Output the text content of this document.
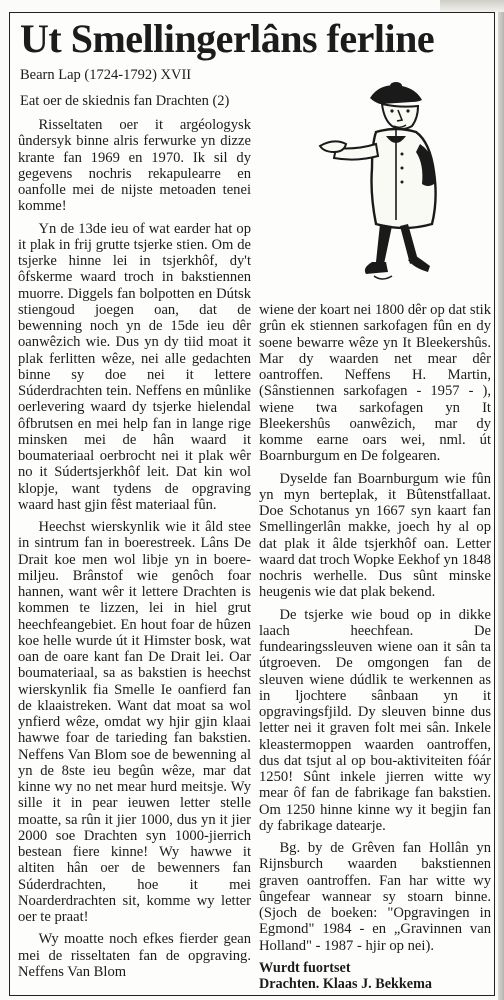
Ut Smellingerlâns ferline
Bearn Lap (1724-1792) XVII
Eat oer de skiednis fan Drachten (2)

Risseltaten oer it argéologysk ûndersyk binne alris ferwurke yn dizze krante fan 1969 en 1970. Ik sil dy gegevens nochris rekapulearre en oanfolle mei de nijste metoaden tenei komme!

Yn de 13de ieu of wat earder hat op it plak in frij grutte tsjerke stien. Om de tsjerke hinne lei in tsjerkhôf, dy't ôfskerme waard troch in bakstiennen muorre. Diggels fan bolpotten en Dútsk stiengoud joegen oan, dat de bewenning noch yn de 15de ieu dêr oanwêzich wie. Dus yn dy tiid moat it plak ferlitten wêze, nei alle gedachten binne sy doe nei it lettere Súderdrachten tein. Neffens en mûnlike oerlevering waard dy tsjerke hielendal ôfbrutsen en mei help fan in lange rige minsken mei de hân waard it boumateriaal oerbrocht nei it plak wêr no it Súdertsjerkhôf leit. Dat kin wol klopje, want tydens de opgraving waard hast gjin fêst materiaal fûn.

Heechst wierskynlik wie it âld stee in sintrum fan in boerestreek. Lâns De Drait koe men wol libje yn in boere-miljeu. Brânstof wie genôch foar hannen, want wêr it lettere Drachten is kommen te lizzen, lei in hiel grut heechfeangebiet. En hout foar de hûzen koe helle wurde út it Himster bosk, wat oan de oare kant fan De Drait lei. Oar boumateriaal, sa as bakstien is heechst wierskynlik fia Smelle Ie oanfierd fan de klaaistreken. Want dat moat sa wol ynfierd wêze, omdat wy hjir gjin klaai hawwe foar de tarieding fan bakstien. Neffens Van Blom soe de bewenning al yn de 8ste ieu begûn wêze, mar dat kinne wy no net mear hurd meitsje. Wy sille it in pear ieuwen letter stelle moatte, sa rûn it jier 1000, dus yn it jier 2000 soe Drachten syn 1000-jierrich bestean fiere kinne! Wy hawwe it altiten hân oer de bewenners fan Súderdrachten, hoe it mei Noarderdrachten sit, komme wy letter oer te praat!

Wy moatte noch efkes fierder gean mei de risseltaten fan de opgraving. Neffens Van Blom

wiene der koart nei 1800 dêr op dat stik grûn ek stiennen sarkofagen fûn en dy soene bewarre wêze yn It Bleekershûs. Mar dy waarden net mear dêr oantroffen. Neffens H. Martin, (Sânstiennen sarkofagen - 1957 - ), wiene twa sarkofagen yn It Bleekershûs oanwêzich, mar dy komme earne oars wei, nml. út Boarnburgum en De folgearen.

Dyselde fan Boarnburgum wie fûn yn myn berteplak, it Bûtenstfallaat. Doe Schotanus yn 1667 syn kaart fan Smellingerlân makke, joech hy al op dat plak it âlde tsjerkhôf oan. Letter waard dat troch Wopke Eekhof yn 1848 nochris werhelle. Dus sûnt minske heugenis wie dat plak bekend.

De tsjerke wie boud op in dikke laach heechfean. De fundearingssleuven wiene oan it sân ta útgroeven. De omgongen fan de sleuven wiene dúdlik te werkennen as in ljochtere sânbaan yn it opgravingsfjild. Dy sleuven binne dus letter nei it graven folt mei sân. Inkele kleastermoppen waarden oantroffen, dus dat tsjut al op bou-aktiviteiten fóár 1250! Sûnt inkele jierren witte wy mear ôf fan de fabrikage fan bakstien. Om 1250 hinne kinne wy it begjin fan dy fabrikage datearje.

Bg. by de Grêven fan Hollân yn Rijnsburch waarden bakstiennen graven oantroffen. Fan har witte wy ûngefear wannear sy stoarn binne. (Sjoch de boeken: "Opgravingen in Egmond" 1984 - en „Gravinnen van Holland" - 1987 - hjir op nei).

Wurdt fuortset
Drachten. Klaas J. Bekkema
